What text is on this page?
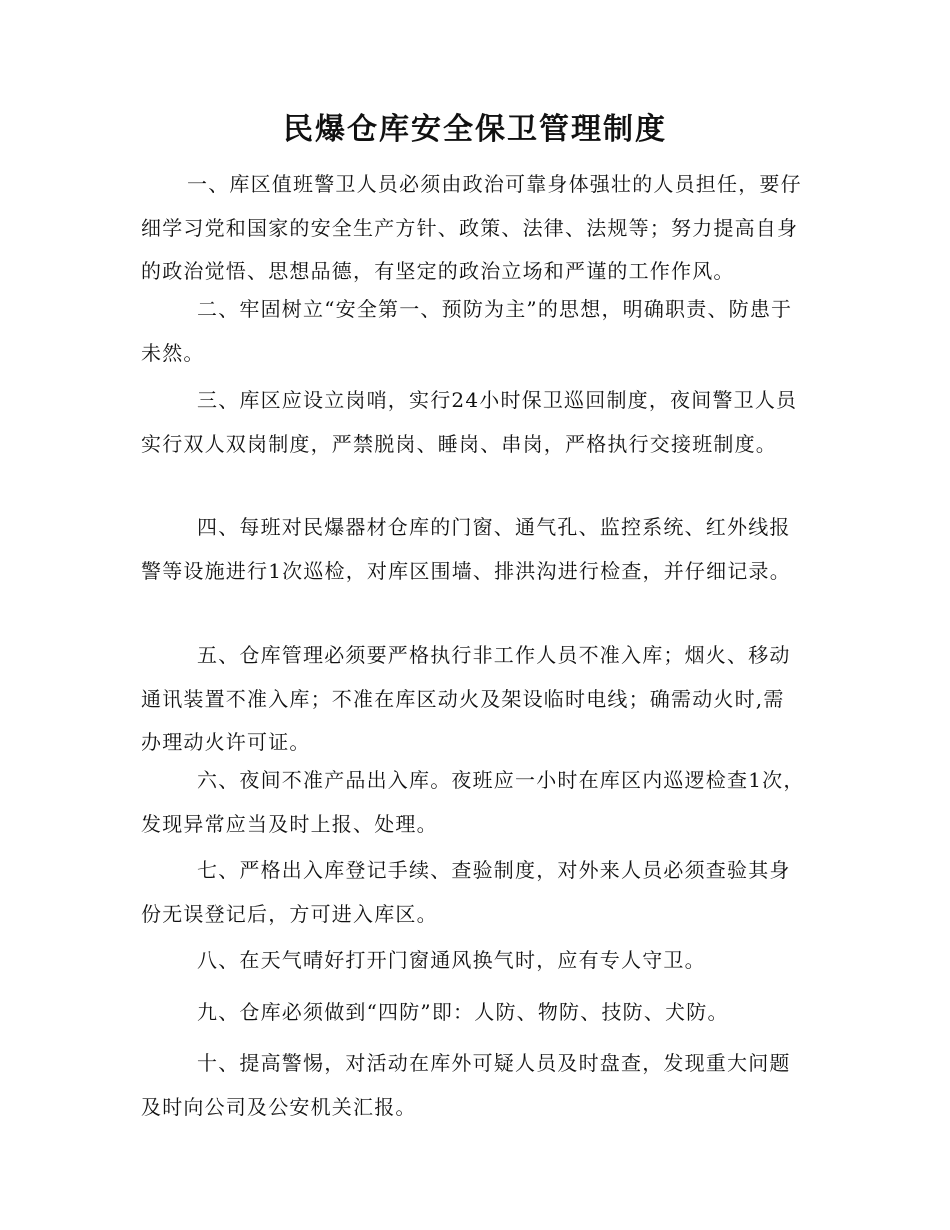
民爆仓库安全保卫管理制度

一、库区值班警卫人员必须由政治可靠身体强壮的人员担任，要仔细学习党和国家的安全生产方针、政策、法律、法规等；努力提高自身的政治觉悟、思想品德，有坚定的政治立场和严谨的工作作风。

二、牢固树立“安全第一、预防为主”的思想，明确职责、防患于未然。

三、库区应设立岗哨，实行24小时保卫巡回制度，夜间警卫人员实行双人双岗制度，严禁脱岗、睡岗、串岗，严格执行交接班制度。

四、每班对民爆器材仓库的门窗、通气孔、监控系统、红外线报警等设施进行1次巡检，对库区围墙、排洪沟进行检查，并仔细记录。

五、仓库管理必须要严格执行非工作人员不准入库；烟火、移动通讯装置不准入库；不准在库区动火及架设临时电线；确需动火时,需办理动火许可证。

六、夜间不准产品出入库。夜班应一小时在库区内巡逻检查1次，发现异常应当及时上报、处理。

七、严格出入库登记手续、查验制度，对外来人员必须查验其身份无误登记后，方可进入库区。

八、在天气晴好打开门窗通风换气时，应有专人守卫。

九、仓库必须做到“四防”即：人防、物防、技防、犬防。

十、提高警惕，对活动在库外可疑人员及时盘查，发现重大问题及时向公司及公安机关汇报。
